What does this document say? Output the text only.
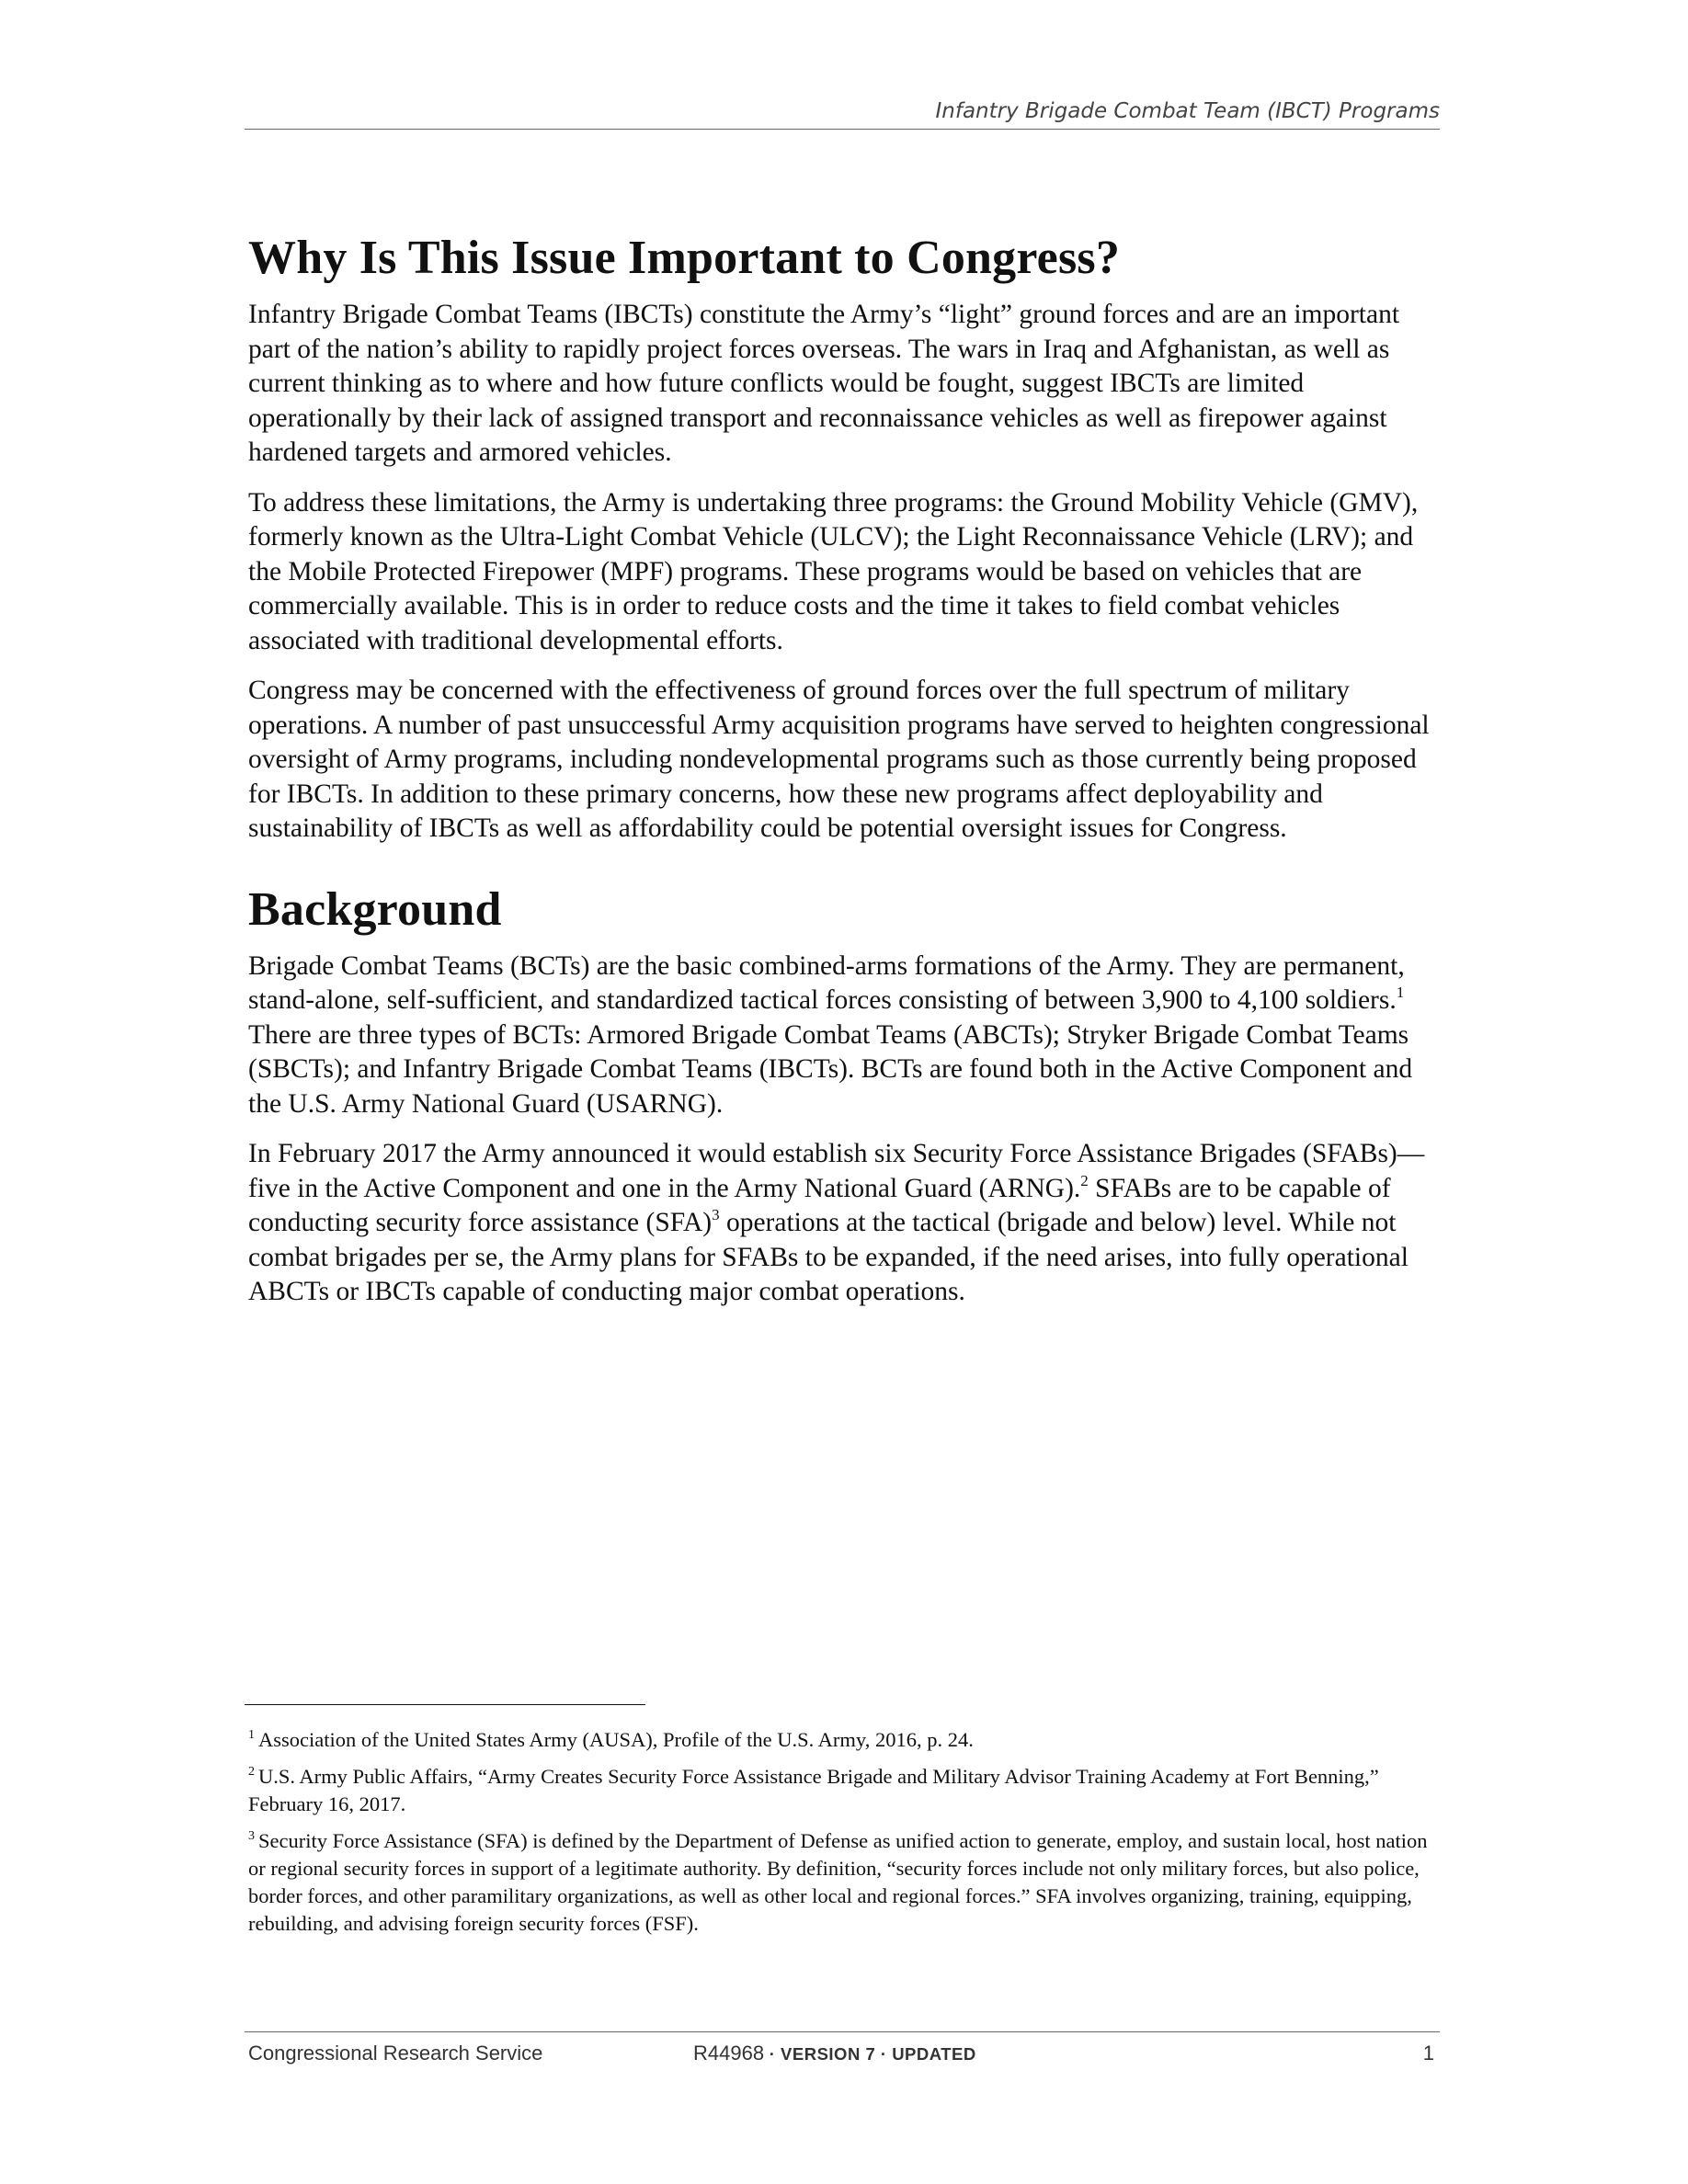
Infantry Brigade Combat Team (IBCT) Programs
Why Is This Issue Important to Congress?

Infantry Brigade Combat Teams (IBCTs) constitute the Army’s “light” ground forces and are an important part of the nation’s ability to rapidly project forces overseas. The wars in Iraq and Afghanistan, as well as current thinking as to where and how future conflicts would be fought, suggest IBCTs are limited operationally by their lack of assigned transport and reconnaissance vehicles as well as firepower against hardened targets and armored vehicles.

To address these limitations, the Army is undertaking three programs: the Ground Mobility Vehicle (GMV), formerly known as the Ultra-Light Combat Vehicle (ULCV); the Light Reconnaissance Vehicle (LRV); and the Mobile Protected Firepower (MPF) programs. These programs would be based on vehicles that are commercially available. This is in order to reduce costs and the time it takes to field combat vehicles associated with traditional developmental efforts.

Congress may be concerned with the effectiveness of ground forces over the full spectrum of military operations. A number of past unsuccessful Army acquisition programs have served to heighten congressional oversight of Army programs, including nondevelopmental programs such as those currently being proposed for IBCTs. In addition to these primary concerns, how these new programs affect deployability and sustainability of IBCTs as well as affordability could be potential oversight issues for Congress.

Background

Brigade Combat Teams (BCTs) are the basic combined-arms formations of the Army. They are permanent, stand-alone, self-sufficient, and standardized tactical forces consisting of between 3,900 to 4,100 soldiers.$^1$ There are three types of BCTs: Armored Brigade Combat Teams (ABCTs); Stryker Brigade Combat Teams (SBCTs); and Infantry Brigade Combat Teams (IBCTs). BCTs are found both in the Active Component and the U.S. Army National Guard (USARNG).

In February 2017 the Army announced it would establish six Security Force Assistance Brigades (SFABs)—five in the Active Component and one in the Army National Guard (ARNG).$^2$ SFABs are to be capable of conducting security force assistance (SFA)$^3$ operations at the tactical (brigade and below) level. While not combat brigades per se, the Army plans for SFABs to be expanded, if the need arises, into fully operational ABCTs or IBCTs capable of conducting major combat operations.

$^1$ Association of the United States Army (AUSA), Profile of the U.S. Army, 2016, p. 24.

$^2$ U.S. Army Public Affairs, “Army Creates Security Force Assistance Brigade and Military Advisor Training Academy at Fort Benning,” February 16, 2017.

$^3$ Security Force Assistance (SFA) is defined by the Department of Defense as unified action to generate, employ, and sustain local, host nation or regional security forces in support of a legitimate authority. By definition, “security forces include not only military forces, but also police, border forces, and other paramilitary organizations, as well as other local and regional forces.” SFA involves organizing, training, equipping, rebuilding, and advising foreign security forces (FSF).

Congressional Research Service	R44968 · VERSION 7 · UPDATED	1
